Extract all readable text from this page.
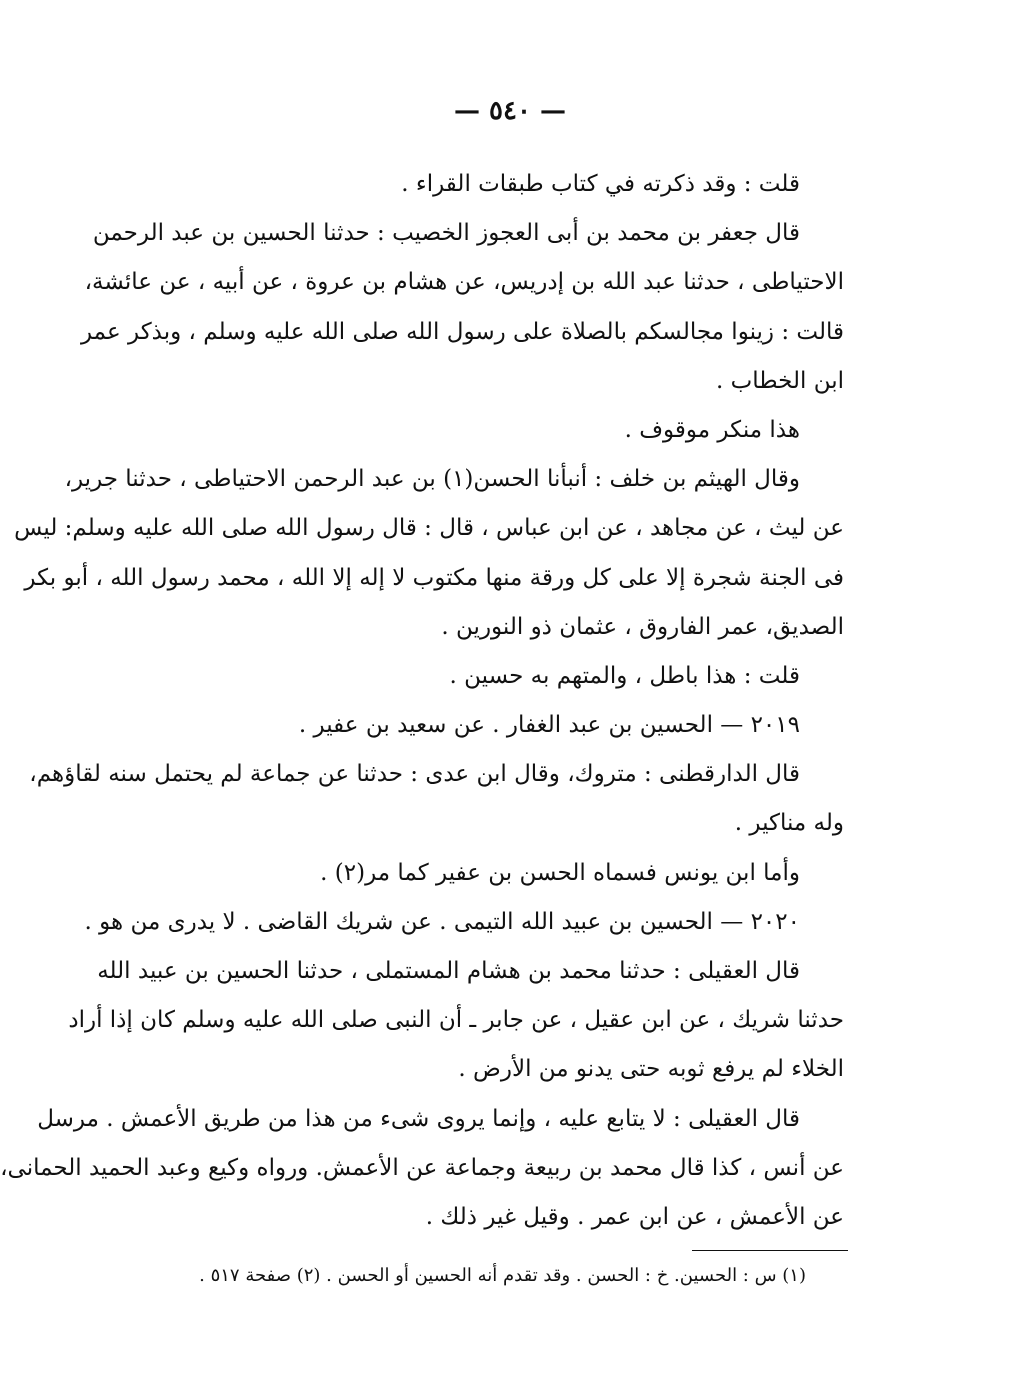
— ٥٤٠ —
قلت : وقد ذكرته في كتاب طبقات القراء .
قال جعفر بن محمد بن أبى العجوز الخصيب : حدثنا الحسين بن عبد الرحمن
الاحتياطى ، حدثنا عبد الله بن إدريس، عن هشام بن عروة ، عن أبيه ، عن عائشة،
قالت : زينوا مجالسكم بالصلاة على رسول الله صلى الله عليه وسلم ، وبذكر عمر
ابن الخطاب .
هذا منكر موقوف .
وقال الهيثم بن خلف : أنبأنا الحسن(١) بن عبد الرحمن الاحتياطى ، حدثنا جرير،
عن ليث ، عن مجاهد ، عن ابن عباس ، قال : قال رسول الله صلى الله عليه وسلم: ليس
فى الجنة شجرة إلا على كل ورقة منها مكتوب لا إله إلا الله ، محمد رسول الله ، أبو بكر
الصديق، عمر الفاروق ، عثمان ذو النورين .
قلت : هذا باطل ، والمتهم به حسين .
٢٠١٩ — الحسين بن عبد الغفار . عن سعيد بن عفير .
قال الدارقطنى : متروك، وقال ابن عدى : حدثنا عن جماعة لم يحتمل سنه لقاؤهم،
وله مناكير .
وأما ابن يونس فسماه الحسن بن عفير كما مر(٢) .
٢٠٢٠ — الحسين بن عبيد الله التيمى . عن شريك القاضى . لا يدرى من هو .
قال العقيلى : حدثنا محمد بن هشام المستملى ، حدثنا الحسين بن عبيد الله
حدثنا شريك ، عن ابن عقيل ، عن جابر ـ أن النبى صلى الله عليه وسلم كان إذا أراد
الخلاء لم يرفع ثوبه حتى يدنو من الأرض .
قال العقيلى : لا يتابع عليه ، وإنما يروى شىء من هذا من طريق الأعمش . مرسل
عن أنس ، كذا قال محمد بن ربيعة وجماعة عن الأعمش. ورواه وكيع وعبد الحميد الحمانى،
عن الأعمش ، عن ابن عمر . وقيل غير ذلك .
(١) س : الحسين. خ : الحسن . وقد تقدم أنه الحسين أو الحسن . (٢) صفحة ٥١٧ .
